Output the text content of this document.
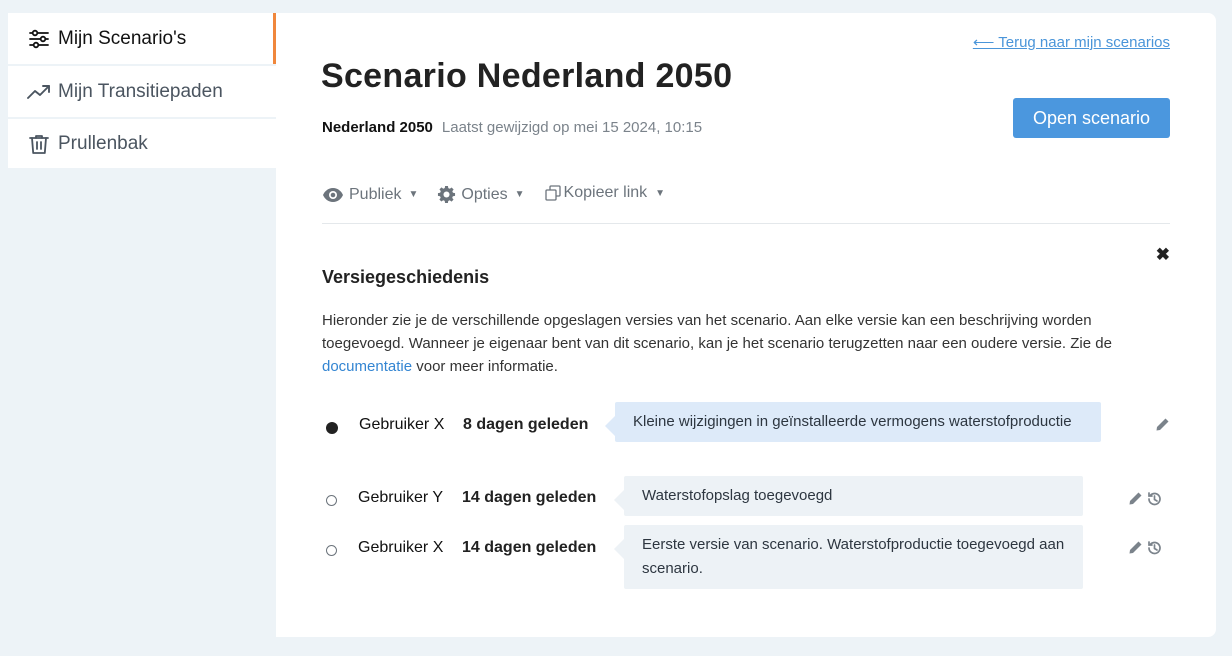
Mijn Scenario's
Mijn Transitiepaden
Prullenbak
⟵ Terug naar mijn scenarios
Scenario Nederland 2050
Nederland 2050 Laatst gewijzigd op mei 15 2024, 10:15	Open scenario
Publiek ▼	Opties ▼ Kopieer link ▼
✖
Versiegeschiedenis

Hieronder zie je de verschillende opgeslagen versies van het scenario. Aan elke versie kan een beschrijving worden toegevoegd. Wanneer je eigenaar bent van dit scenario, kan je het scenario terugzetten naar een oudere versie. Zie de documentatie voor meer informatie.

Gebruiker X	8 dagen geleden	Kleine wijzigingen in geïnstalleerde vermogens waterstofproductie
Gebruiker Y	14 dagen geleden	Waterstofopslag toegevoegd
Gebruiker X	14 dagen geleden	Eerste versie van scenario. Waterstofproductie toegevoegd aan scenario.
